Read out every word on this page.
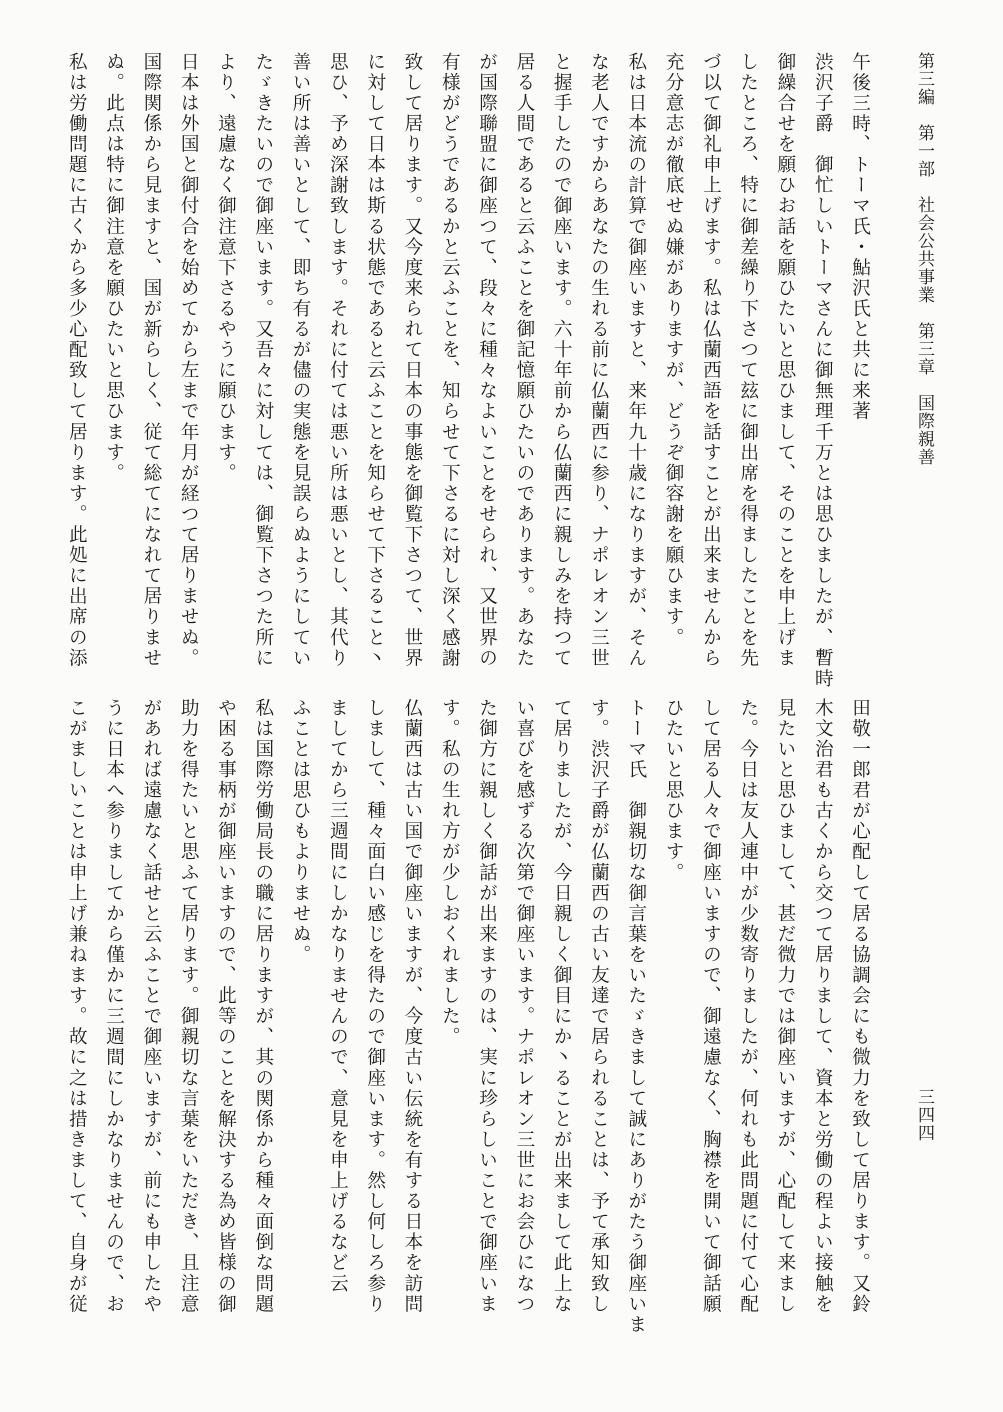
第三編　第一部　社会公共事業　第三章　国際親善
三四四
午後三時、トーマ氏・鮎沢氏と共に来著
渋沢子爵　御忙しいトーマさんに御無理千万とは思ひましたが、暫時
御繰合せを願ひお話を願ひたいと思ひまして、そのことを申上げま
したところ、特に御差繰り下さつて玆に御出席を得ましたことを先
づ以て御礼申上げます。私は仏蘭西語を話すことが出来ませんから
充分意志が徹底せぬ嫌がありますが、どうぞ御容謝を願ひます。
私は日本流の計算で御座いますと、来年九十歳になりますが、そん
な老人ですからあなたの生れる前に仏蘭西に参り、ナポレオン三世
と握手したので御座います。六十年前から仏蘭西に親しみを持つて
居る人間であると云ふことを御記憶願ひたいのであります。あなた
が国際聯盟に御座つて、段々に種々なよいことをせられ、又世界の
有様がどうであるかと云ふことを、知らせて下さるに対し深く感謝
致して居ります。又今度来られて日本の事態を御覧下さつて、世界
に対して日本は斯る状態であると云ふことを知らせて下さること丶
思ひ、予め深謝致します。それに付ては悪い所は悪いとし、其代り
善い所は善いとして、即ち有るが儘の実態を見誤らぬようにしてい
たゞきたいので御座います。又吾々に対しては、御覧下さつた所に
より、遠慮なく御注意下さるやうに願ひます。
日本は外国と御付合を始めてから左まで年月が経つて居りませぬ。
国際関係から見ますと、国が新らしく、従て総てになれて居りませ
ぬ。此点は特に御注意を願ひたいと思ひます。
私は労働問題に古くから多少心配致して居ります。此処に出席の添
田敬一郎君が心配して居る協調会にも微力を致して居ります。又鈴
木文治君も古くから交つて居りまして、資本と労働の程よい接触を
見たいと思ひまして、甚だ微力では御座いますが、心配して来まし
た。今日は友人連中が少数寄りましたが、何れも此問題に付て心配
して居る人々で御座いますので、御遠慮なく、胸襟を開いて御話願
ひたいと思ひます。
トーマ氏　御親切な御言葉をいたゞきまして誠にありがたう御座いま
す。渋沢子爵が仏蘭西の古い友達で居られることは、予て承知致し
て居りましたが、今日親しく御目にか丶ることが出来まして此上な
い喜びを感ずる次第で御座います。ナポレオン三世にお会ひになつ
た御方に親しく御話が出来ますのは、実に珍らしいことで御座いま
す。私の生れ方が少しおくれました。
仏蘭西は古い国で御座いますが、今度古い伝統を有する日本を訪問
しまして、種々面白い感じを得たので御座います。然し何しろ参り
ましてから三週間にしかなりませんので、意見を申上げるなど云
ふことは思ひもよりませぬ。
私は国際労働局長の職に居りますが、其の関係から種々面倒な問題
や困る事柄が御座いますので、此等のことを解決する為め皆様の御
助力を得たいと思ふて居ります。御親切な言葉をいただき、且注意
があれば遠慮なく話せと云ふことで御座いますが、前にも申したや
うに日本へ参りましてから僅かに三週間にしかなりませんので、お
こがましいことは申上げ兼ねます。故に之は措きまして、自身が従
